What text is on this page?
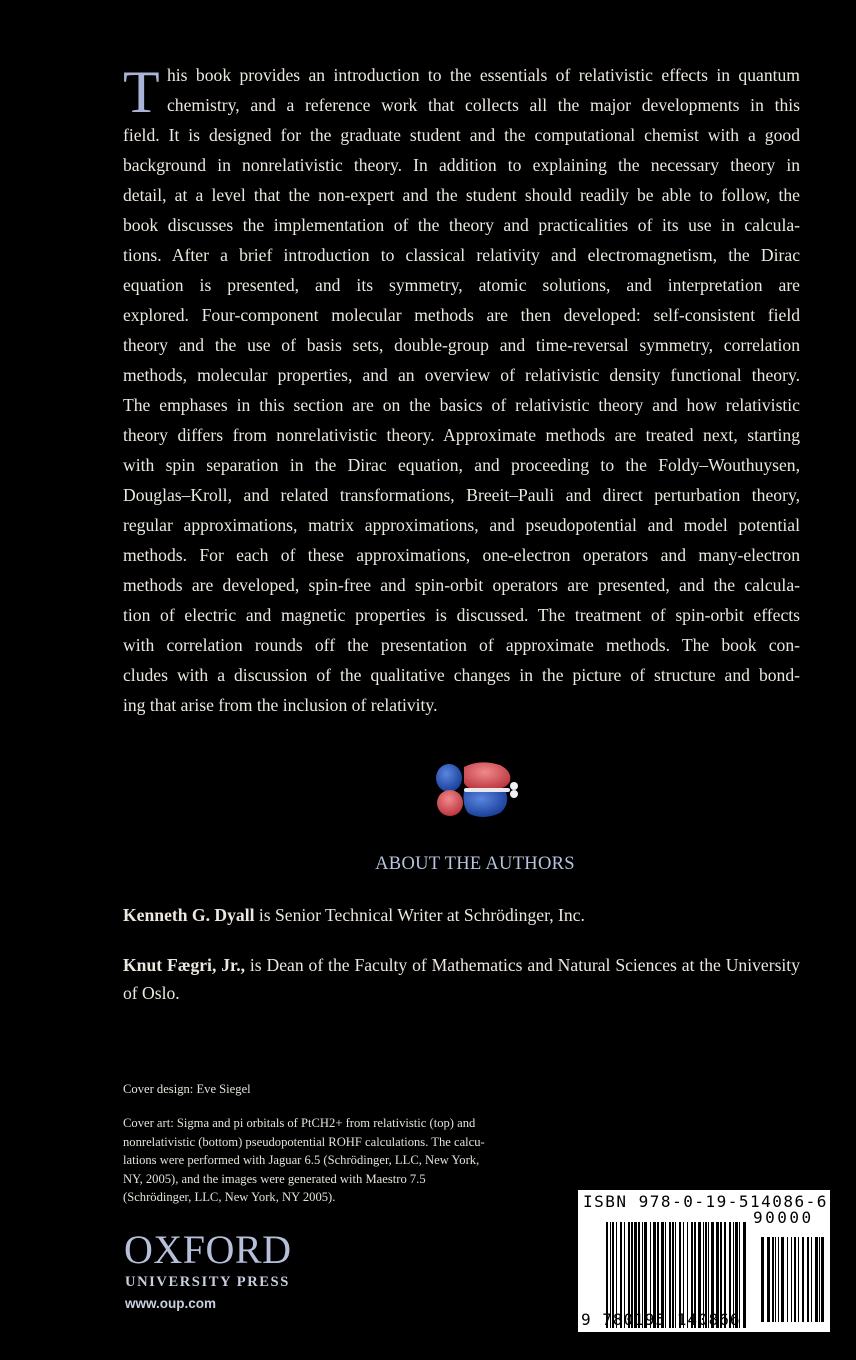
T his book provides an introduction to the essentials of relativistic effects in quantum
chemistry, and a reference work that collects all the major developments in this
field. It is designed for the graduate student and the computational chemist with a good
background in nonrelativistic theory. In addition to explaining the necessary theory in
detail, at a level that the non-expert and the student should readily be able to follow, the
book discusses the implementation of the theory and practicalities of its use in calcula-
tions. After a brief introduction to classical relativity and electromagnetism, the Dirac
equation is presented, and its symmetry, atomic solutions, and interpretation are
explored. Four-component molecular methods are then developed: self-consistent field
theory and the use of basis sets, double-group and time-reversal symmetry, correlation
methods, molecular properties, and an overview of relativistic density functional theory.
The emphases in this section are on the basics of relativistic theory and how relativistic
theory differs from nonrelativistic theory. Approximate methods are treated next, starting
with spin separation in the Dirac equation, and proceeding to the Foldy–Wouthuysen,
Douglas–Kroll, and related transformations, Breeit–Pauli and direct perturbation theory,
regular approximations, matrix approximations, and pseudopotential and model potential
methods. For each of these approximations, one-electron operators and many-electron
methods are developed, spin-free and spin-orbit operators are presented, and the calcula-
tion of electric and magnetic properties is discussed. The treatment of spin-orbit effects
with correlation rounds off the presentation of approximate methods. The book con-
cludes with a discussion of the qualitative changes in the picture of structure and bond-
ing that arise from the inclusion of relativity.
ABOUT THE AUTHORS
Kenneth G. Dyall is Senior Technical Writer at Schrödinger, Inc.
Knut Fægri, Jr., is Dean of the Faculty of Mathematics and Natural Sciences at the University of Oslo.
Cover design: Eve Siegel
Cover art: Sigma and pi orbitals of PtCH2+ from relativistic (top) and
nonrelativistic (bottom) pseudopotential ROHF calculations. The calcu-
lations were performed with Jaguar 6.5 (Schrödinger, LLC, New York,
NY, 2005), and the images were generated with Maestro 7.5
(Schrödinger, LLC, New York, NY 2005).
OXFORD
UNIVERSITY PRESS
www.oup.com
ISBN 978-0-19-514086-6
90000
9 780195 140866
